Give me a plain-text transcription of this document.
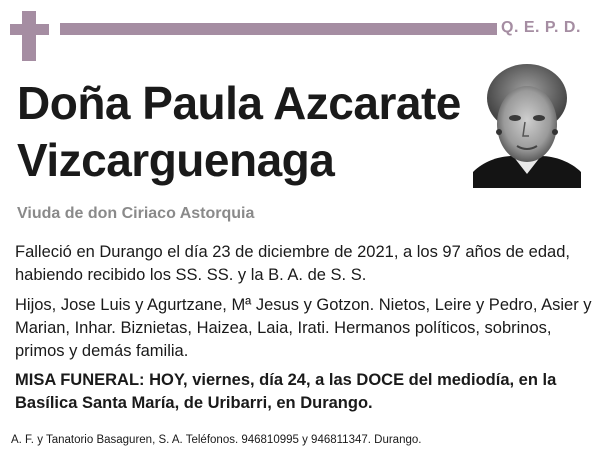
Q. E. P. D.
Doña Paula Azcarate Vizcarguenaga
Viuda de don Ciriaco Astorquia
Falleció en Durango el día 23 de diciembre de 2021, a los 97 años de edad, habiendo recibido los SS. SS. y la B. A. de S. S.
Hijos, Jose Luis y Agurtzane, Mª Jesus y Gotzon. Nietos, Leire y Pedro, Asier y Marian, Inhar. Biznietas, Haizea, Laia, Irati. Hermanos políticos, sobrinos, primos y demás familia.
MISA FUNERAL: HOY, viernes, día 24, a las DOCE del mediodía, en la Basílica Santa María, de Uribarri, en Durango.
A. F. y Tanatorio Basaguren, S. A. Teléfonos. 946810995 y 946811347. Durango.
